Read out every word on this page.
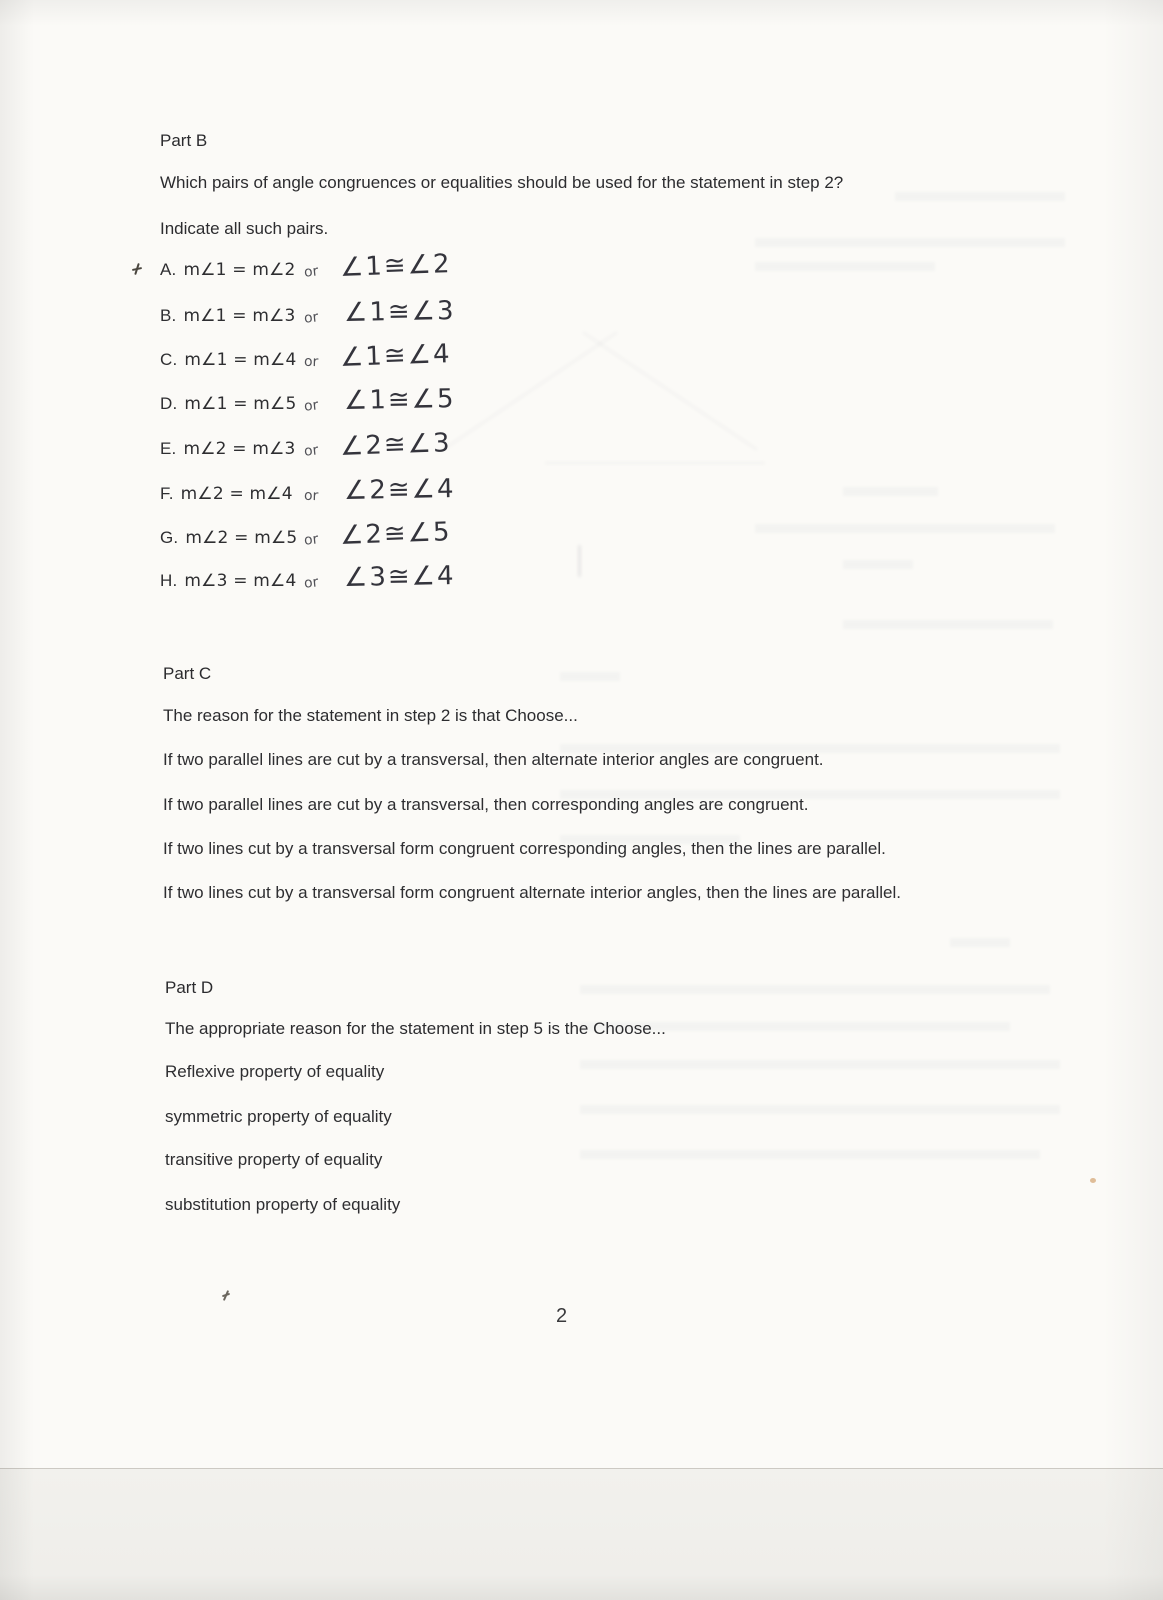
Part B
Which pairs of angle congruences or equalities should be used for the statement in step 2?
Indicate all such pairs.
A. m∠1 = m∠2 or ∠1≅∠2
B. m∠1 = m∠3 or ∠1≅∠3
C. m∠1 = m∠4 or ∠1≅∠4
D. m∠1 = m∠5 or ∠1≅∠5
E. m∠2 = m∠3 or ∠2≅∠3
F. m∠2 = m∠4 or ∠2≅∠4
G. m∠2 = m∠5 or ∠2≅∠5
H. m∠3 = m∠4 or ∠3≅∠4
Part C
The reason for the statement in step 2 is that Choose...
If two parallel lines are cut by a transversal, then alternate interior angles are congruent.
If two parallel lines are cut by a transversal, then corresponding angles are congruent.
If two lines cut by a transversal form congruent corresponding angles, then the lines are parallel.
If two lines cut by a transversal form congruent alternate interior angles, then the lines are parallel.
Part D
The appropriate reason for the statement in step 5 is the Choose...
Reflexive property of equality
symmetric property of equality
transitive property of equality
substitution property of equality
2
